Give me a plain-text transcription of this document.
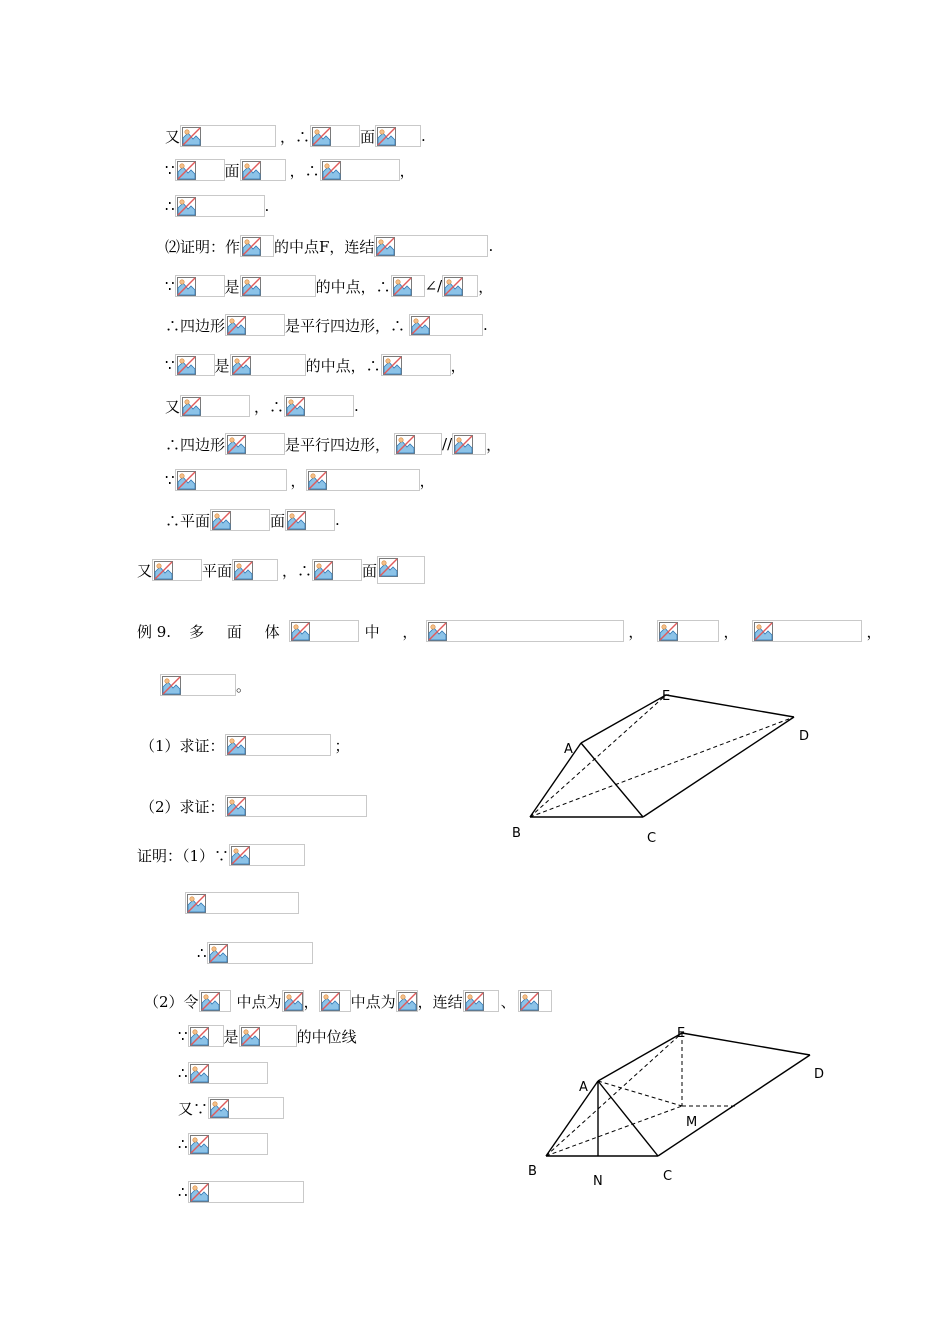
又	，∴	面	.
∵	面	，∴	，
∴	.
⑵证明：作 的中点F，连结	.
∵	是	的中点，∴ ∠/ ，
∴四边形	是平行四边形，∴	.
∵	是	的中点，∴	，
又	，∴	.
∴四边形	是平行四边形，	// ，
∵	，	，
∴平面	面	.
又	平面	，∴	面
例 9. 多 面 体	中 ，	，	，	，
。
（1）求证：	；
（2）求证：
证明：（1）∵
∴
（2）令	中点为 ， 中点为 ，连结	、
∵ 是	的中位线
∴
又∵
∴
∴
E
A
D
B	C
E
A
D
M
B
N	C
